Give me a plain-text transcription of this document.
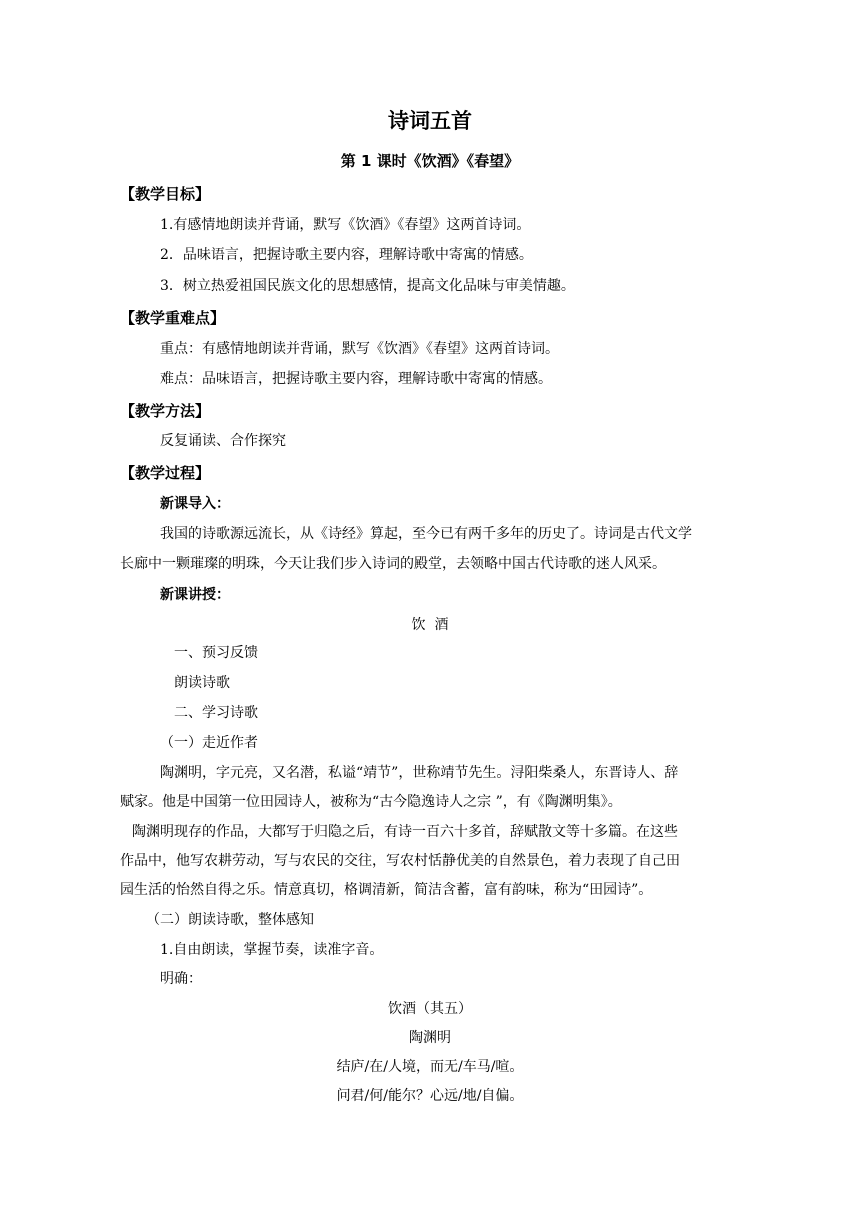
诗词五首
第 1 课时《饮酒》《春望》
【教学目标】
1.有感情地朗读并背诵，默写《饮酒》《春望》这两首诗词。
2．品味语言，把握诗歌主要内容，理解诗歌中寄寓的情感。
3．树立热爱祖国民族文化的思想感情，提高文化品味与审美情趣。
【教学重难点】
重点：有感情地朗读并背诵，默写《饮酒》《春望》这两首诗词。
难点：品味语言，把握诗歌主要内容，理解诗歌中寄寓的情感。
【教学方法】
反复诵读、合作探究
【教学过程】
新课导入：
我国的诗歌源远流长，从《诗经》算起，至今已有两千多年的历史了。诗词是古代文学
长廊中一颗璀璨的明珠，今天让我们步入诗词的殿堂，去领略中国古代诗歌的迷人风采。
新课讲授：
饮  酒
一、预习反馈
朗读诗歌
二、学习诗歌
（一）走近作者
陶渊明，字元亮，又名潜，私谥“靖节”，世称靖节先生。浔阳柴桑人，东晋诗人、辞
赋家。他是中国第一位田园诗人，被称为“古今隐逸诗人之宗 ”，有《陶渊明集》。
陶渊明现存的作品，大都写于归隐之后，有诗一百六十多首，辞赋散文等十多篇。在这些
作品中，他写农耕劳动，写与农民的交往，写农村恬静优美的自然景色，着力表现了自己田
园生活的怡然自得之乐。情意真切，格调清新，简洁含蓄，富有韵味，称为“田园诗”。
（二）朗读诗歌，整体感知
1.自由朗读，掌握节奏，读准字音。
明确：
饮酒（其五）
陶渊明
结庐/在/人境，而无/车马/喧。
问君/何/能尔？心远/地/自偏。
